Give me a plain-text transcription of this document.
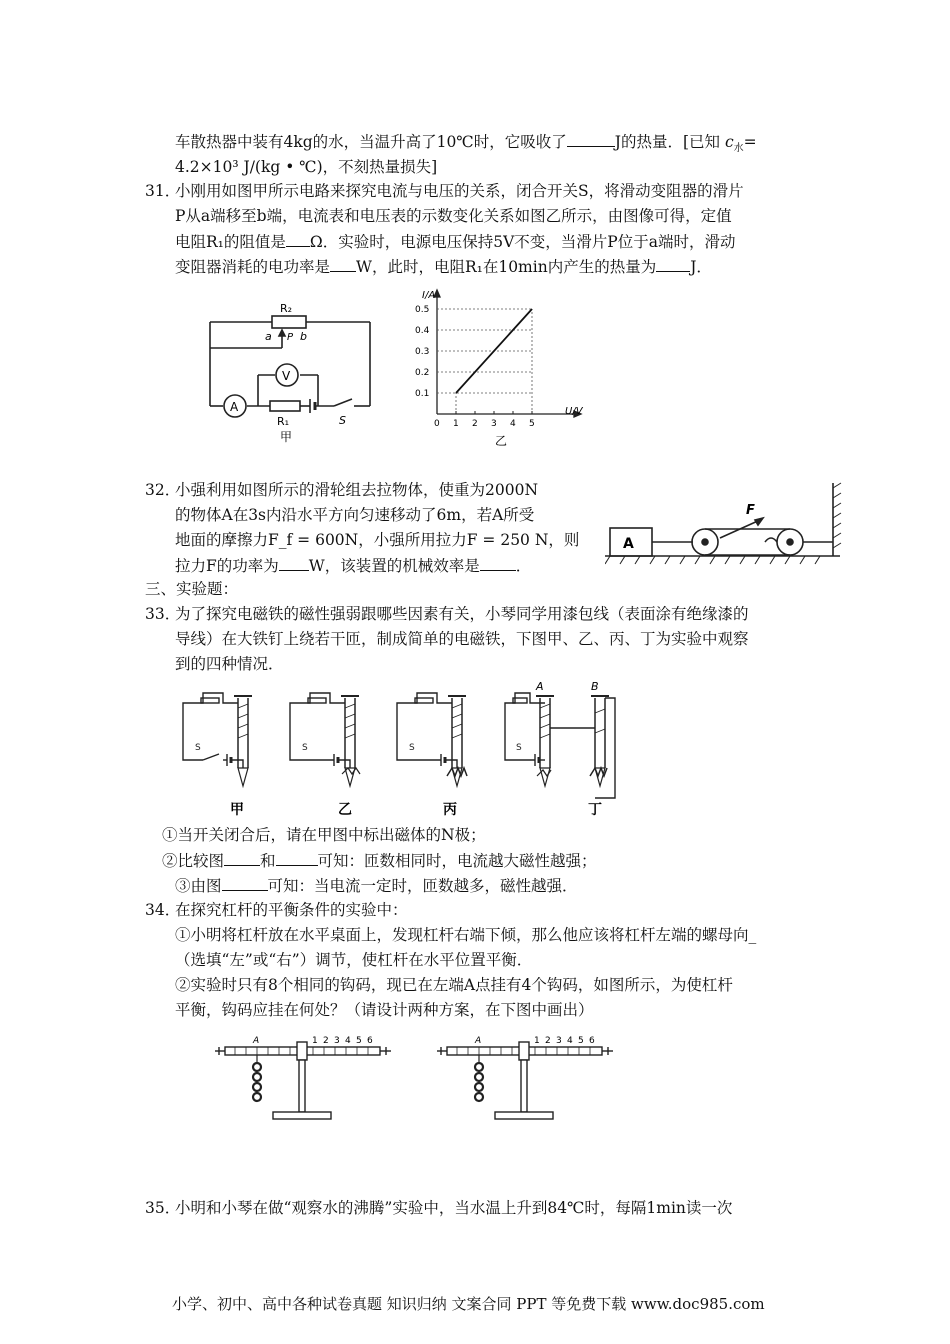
车散热器中装有4kg的水，当温升高了10℃时，它吸收了	J的热量．[已知 $c_水=$
4.2×10³ J/(kg • ℃)，不刻热量损失]
31．
小刚用如图甲所示电路来探究电流与电压的关系，闭合开关S，将滑动变阻器的滑片
P从a端移至b端，电流表和电压表的示数变化关系如图乙所示，由图像可得，定值
电阻R₁的阻值是 Ω．实验时，电源电压保持5V不变，当滑片P位于a端时，滑动
变阻器消耗的电功率是 W，此时，电阻R₁在10min内产生的热量为 J．
R₂
a P b
V
A
R₁	S
甲
0 1 2 3 4 5
0.1
0.2
0.3
0.4
0.5
I/A
U/V
乙
32．
小强利用如图所示的滑轮组去拉物体，使重为2000N
的物体A在3s内沿水平方向匀速移动了6m，若A所受
地面的摩擦力F_f = 600N，小强所用拉力F = 250 N，则
拉力F的功率为 W，该装置的机械效率是 ．
A
F
三、实验题：
33．
为了探究电磁铁的磁性强弱跟哪些因素有关，小琴同学用漆包线（表面涂有绝缘漆的
导线）在大铁钉上绕若干匝，制成简单的电磁铁，下图甲、乙、丙、丁为实验中观察
到的四种情况．
S	S	S	S
A	B
甲	乙	丙	丁
①当开关闭合后，请在甲图中标出磁体的N极；
②比较图 和	可知：匝数相同时，电流越大磁性越强；
③由图	可知：当电流一定时，匝数越多，磁性越强．
34．
在探究杠杆的平衡条件的实验中：
①小明将杠杆放在水平桌面上，发现杠杆右端下倾，那么他应该将杠杆左端的螺母向_
（选填“左”或“右”）调节，使杠杆在水平位置平衡．
②实验时只有8个相同的钩码，现已在左端A点挂有4个钩码，如图所示，为使杠杆
平衡，钩码应挂在何处？（请设计两种方案，在下图中画出）
A	A
1 2 3 4 5 6	1 2 3 4 5 6
35．
小明和小琴在做“观察水的沸腾”实验中，当水温上升到84℃时，每隔1min读一次
小学、初中、高中各种试卷真题 知识归纳 文案合同 PPT 等免费下载 www.doc985.com
